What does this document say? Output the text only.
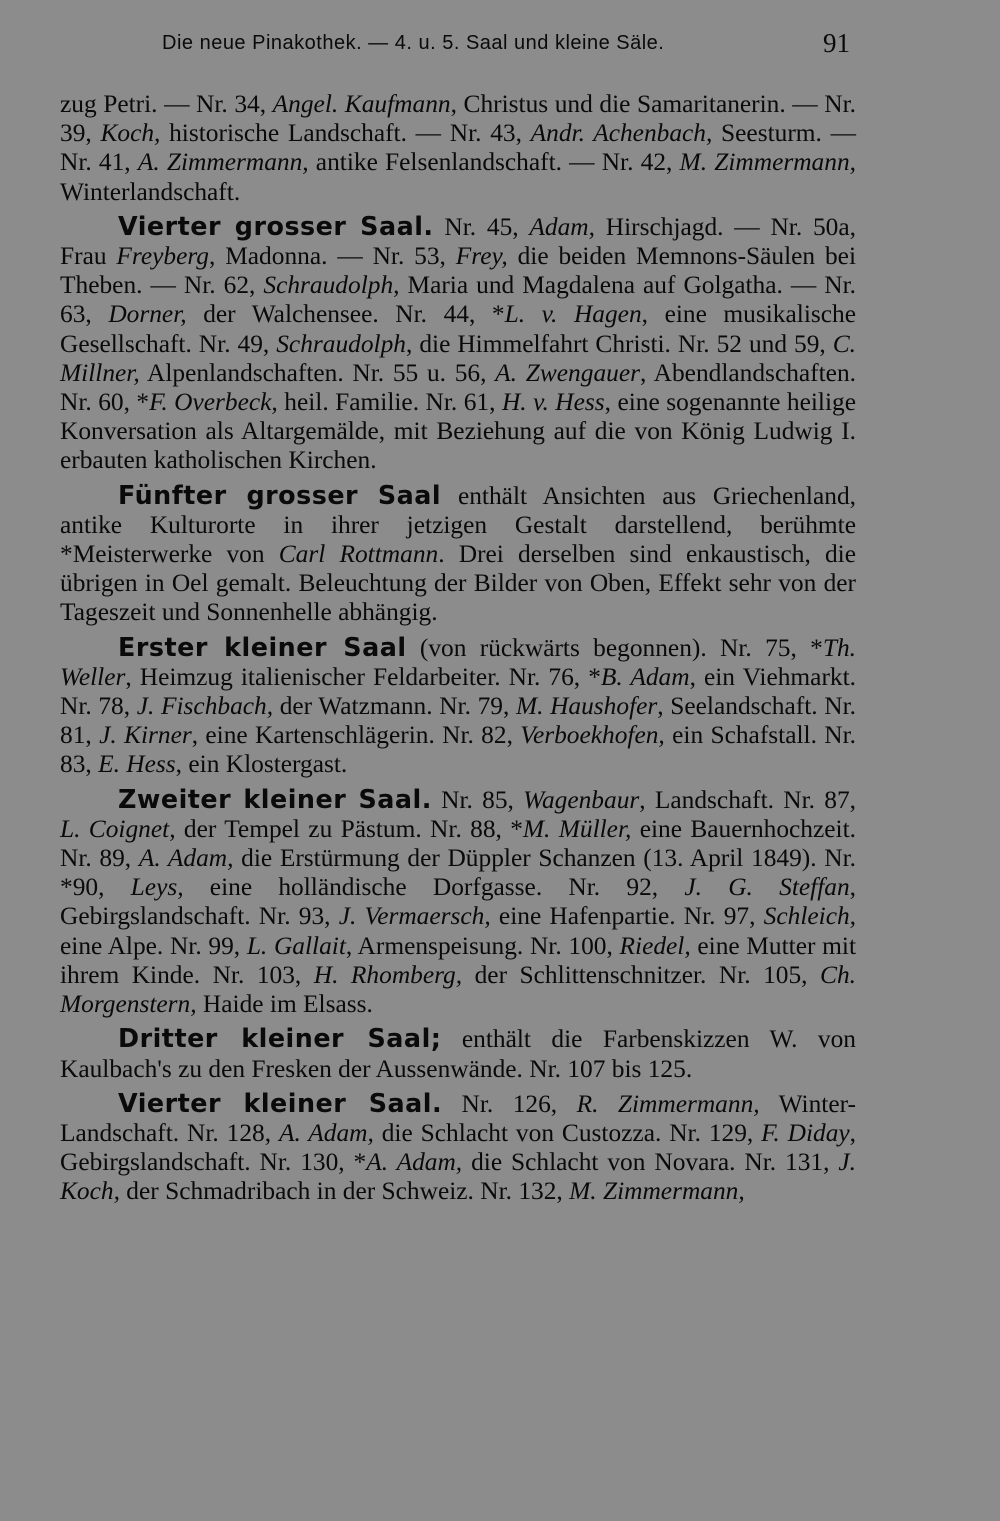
Die neue Pinakothek. — 4. u. 5. Saal und kleine Säle.	91

zug Petri. — Nr. 34, Angel. Kaufmann, Christus und die Samaritanerin. — Nr. 39, Koch, historische Landschaft. — Nr. 43, Andr. Achenbach, Seesturm. — Nr. 41, A. Zimmermann, antike Felsenlandschaft. — Nr. 42, M. Zimmermann, Winterlandschaft.

Vierter grosser Saal. Nr. 45, Adam, Hirschjagd. — Nr. 50a, Frau Freyberg, Madonna. — Nr. 53, Frey, die beiden Memnons-Säulen bei Theben. — Nr. 62, Schraudolph, Maria und Magdalena auf Golgatha. — Nr. 63, Dorner, der Walchensee. Nr. 44, *L. v. Hagen, eine musikalische Gesellschaft. Nr. 49, Schraudolph, die Himmelfahrt Christi. Nr. 52 und 59, C. Millner, Alpenlandschaften. Nr. 55 u. 56, A. Zwengauer, Abendlandschaften. Nr. 60, *F. Overbeck, heil. Familie. Nr. 61, H. v. Hess, eine sogenannte heilige Konversation als Altargemälde, mit Beziehung auf die von König Ludwig I. erbauten katholischen Kirchen.

Fünfter grosser Saal enthält Ansichten aus Griechenland, antike Kulturorte in ihrer jetzigen Gestalt darstellend, berühmte *Meisterwerke von Carl Rottmann. Drei derselben sind enkaustisch, die übrigen in Oel gemalt. Beleuchtung der Bilder von Oben, Effekt sehr von der Tageszeit und Sonnenhelle abhängig.

Erster kleiner Saal (von rückwärts begonnen). Nr. 75, *Th. Weller, Heimzug italienischer Feldarbeiter. Nr. 76, *B. Adam, ein Viehmarkt. Nr. 78, J. Fischbach, der Watzmann. Nr. 79, M. Haushofer, Seelandschaft. Nr. 81, J. Kirner, eine Kartenschlägerin. Nr. 82, Verboekhofen, ein Schafstall. Nr. 83, E. Hess, ein Klostergast.

Zweiter kleiner Saal. Nr. 85, Wagenbaur, Landschaft. Nr. 87, L. Coignet, der Tempel zu Pästum. Nr. 88, *M. Müller, eine Bauernhochzeit. Nr. 89, A. Adam, die Erstürmung der Düppler Schanzen (13. April 1849). Nr. *90, Leys, eine holländische Dorfgasse. Nr. 92, J. G. Steffan, Gebirgslandschaft. Nr. 93, J. Vermaersch, eine Hafenpartie. Nr. 97, Schleich, eine Alpe. Nr. 99, L. Gallait, Armenspeisung. Nr. 100, Riedel, eine Mutter mit ihrem Kinde. Nr. 103, H. Rhomberg, der Schlittenschnitzer. Nr. 105, Ch. Morgenstern, Haide im Elsass.

Dritter kleiner Saal; enthält die Farbenskizzen W. von Kaulbach's zu den Fresken der Aussenwände. Nr. 107 bis 125.

Vierter kleiner Saal. Nr. 126, R. Zimmermann, Winter-Landschaft. Nr. 128, A. Adam, die Schlacht von Custozza. Nr. 129, F. Diday, Gebirgslandschaft. Nr. 130, *A. Adam, die Schlacht von Novara. Nr. 131, J. Koch, der Schmadribach in der Schweiz. Nr. 132, M. Zimmermann,
